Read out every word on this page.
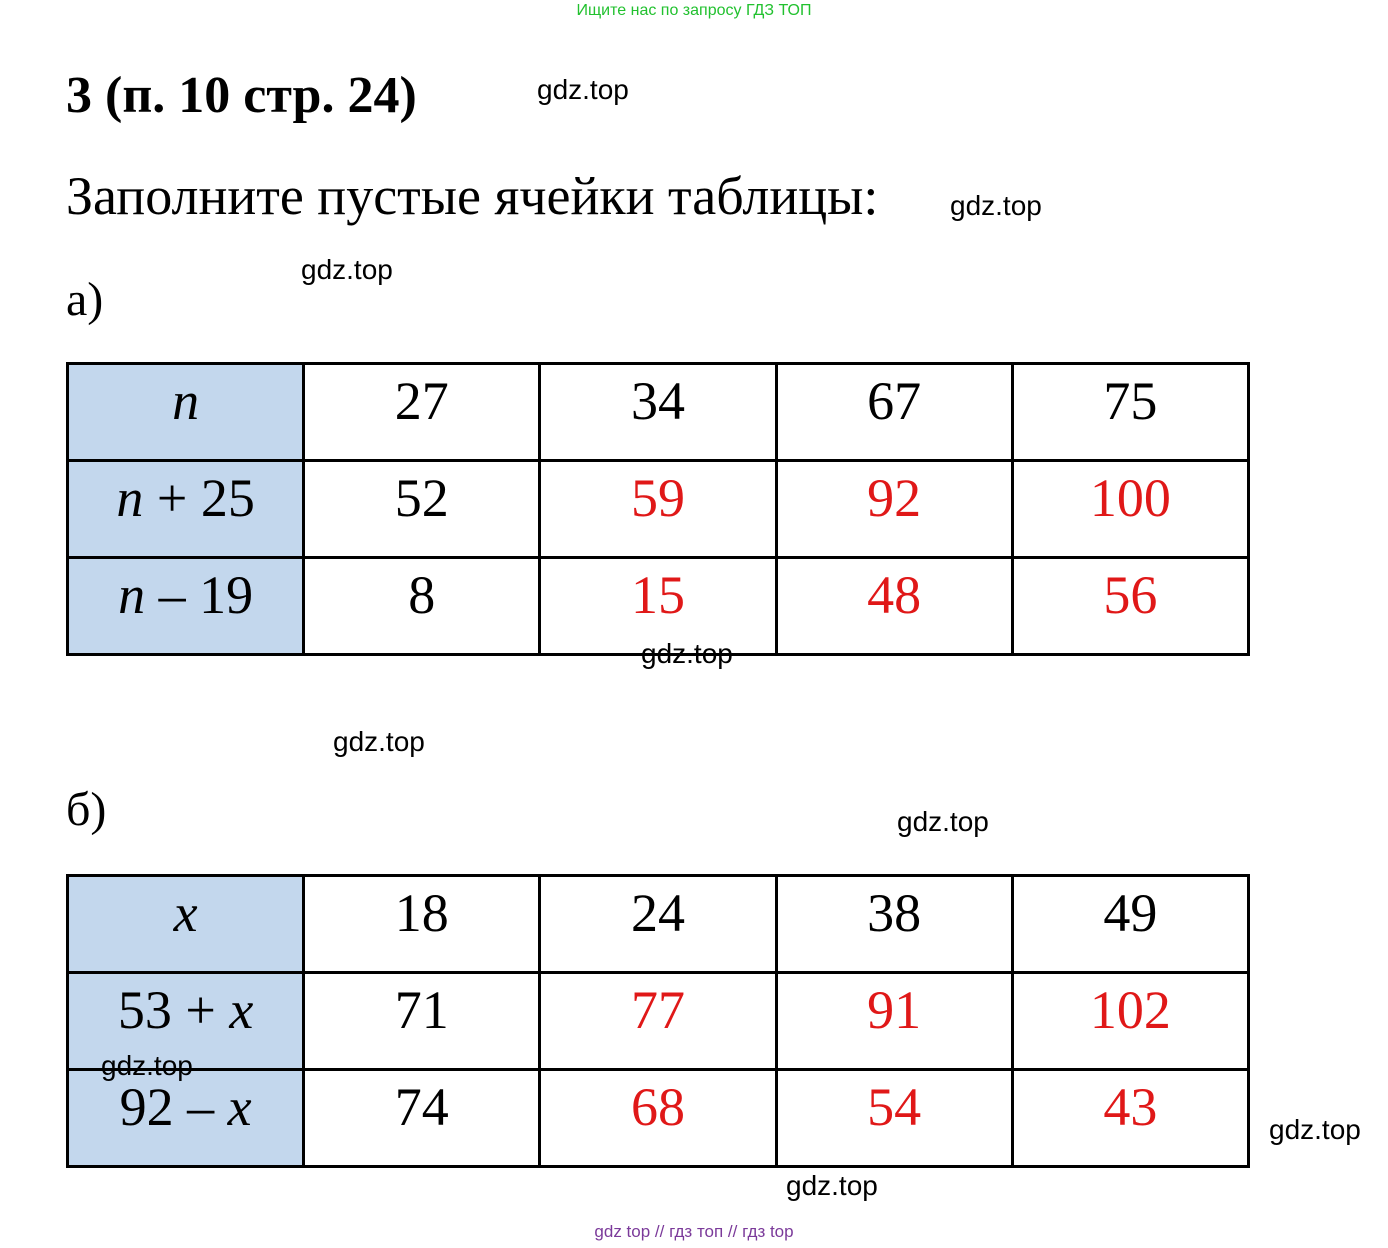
Ищите нас по запросу ГДЗ ТОП
3 (п. 10 стр. 24)
Заполните пустые ячейки таблицы:
а)
n	27	34	67	75
n + 25	52	59	92	100
n – 19	8	15	48	56
б)
x	18	24	38	49
53 + x	71	77	91	102
92 – x	74	68	54	43
gdz.top
gdz.top
gdz.top
gdz.top
gdz.top
gdz.top
gdz.top
gdz.top
gdz.top
gdz top // гдз топ // гдз top
